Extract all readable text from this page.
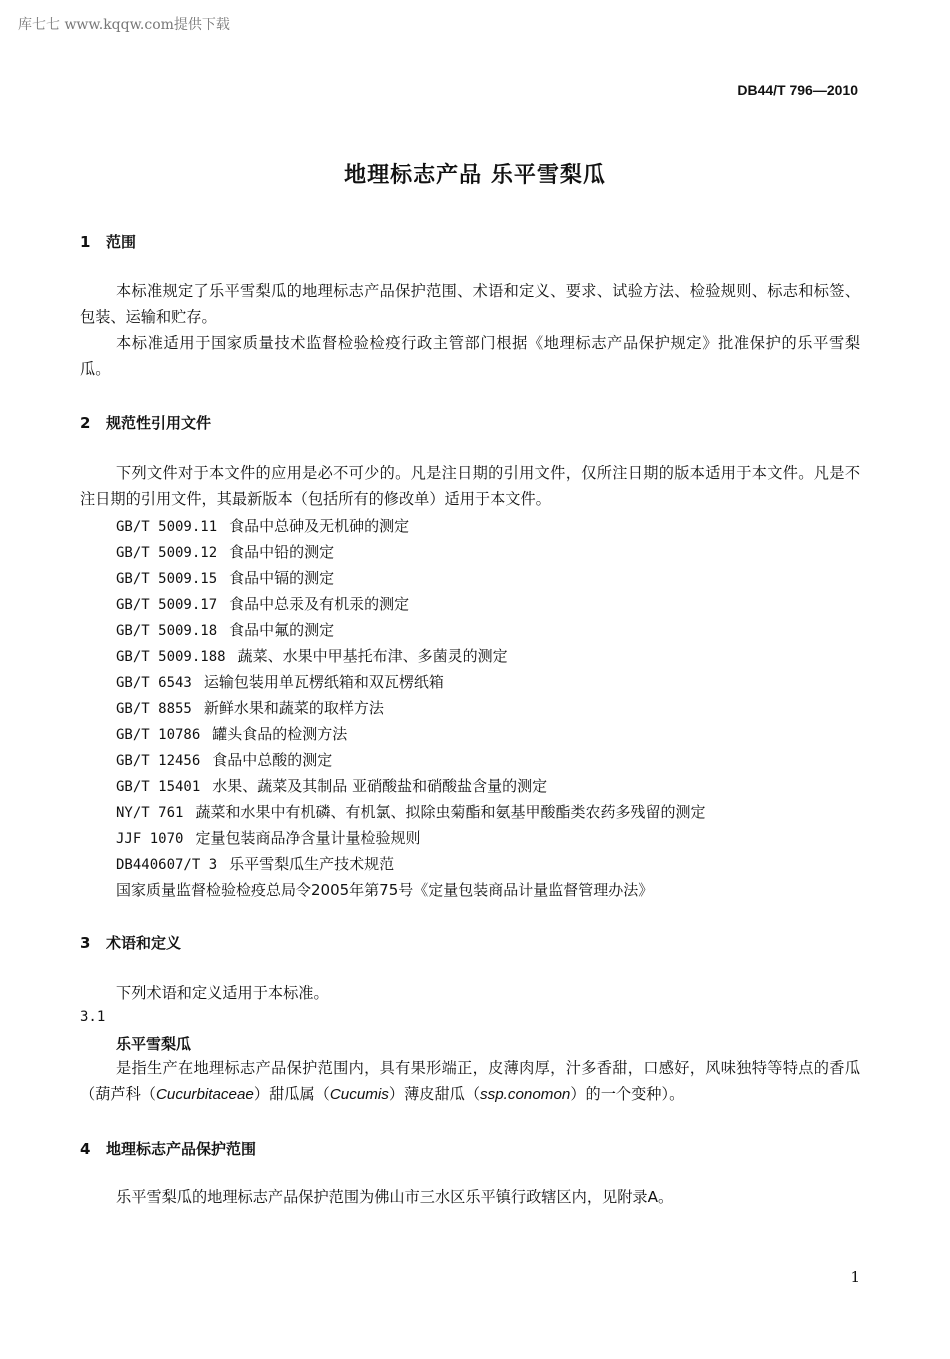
库七七 www.kqqw.com提供下载
DB44/T 796—2010
地理标志产品 乐平雪梨瓜
1 范围
本标准规定了乐平雪梨瓜的地理标志产品保护范围、术语和定义、要求、试验方法、检验规则、标志和标签、包装、运输和贮存。
本标准适用于国家质量技术监督检验检疫行政主管部门根据《地理标志产品保护规定》批准保护的乐平雪梨瓜。
2 规范性引用文件
下列文件对于本文件的应用是必不可少的。凡是注日期的引用文件，仅所注日期的版本适用于本文件。凡是不注日期的引用文件，其最新版本（包括所有的修改单）适用于本文件。
GB/T 5009.11 食品中总砷及无机砷的测定
GB/T 5009.12 食品中铅的测定
GB/T 5009.15 食品中镉的测定
GB/T 5009.17 食品中总汞及有机汞的测定
GB/T 5009.18 食品中氟的测定
GB/T 5009.188 蔬菜、水果中甲基托布津、多菌灵的测定
GB/T 6543 运输包装用单瓦楞纸箱和双瓦楞纸箱
GB/T 8855 新鲜水果和蔬菜的取样方法
GB/T 10786 罐头食品的检测方法
GB/T 12456 食品中总酸的测定
GB/T 15401 水果、蔬菜及其制品 亚硝酸盐和硝酸盐含量的测定
NY/T 761 蔬菜和水果中有机磷、有机氯、拟除虫菊酯和氨基甲酸酯类农药多残留的测定
JJF 1070 定量包装商品净含量计量检验规则
DB440607/T 3 乐平雪梨瓜生产技术规范
国家质量监督检验检疫总局令2005年第75号《定量包装商品计量监督管理办法》
3 术语和定义
下列术语和定义适用于本标准。
3.1
乐平雪梨瓜
是指生产在地理标志产品保护范围内，具有果形端正，皮薄肉厚，汁多香甜，口感好，风味独特等特点的香瓜（葫芦科（Cucurbitaceae）甜瓜属（Cucumis）薄皮甜瓜（ssp.conomon）的一个变种）。
4 地理标志产品保护范围
乐平雪梨瓜的地理标志产品保护范围为佛山市三水区乐平镇行政辖区内，见附录A。
1
